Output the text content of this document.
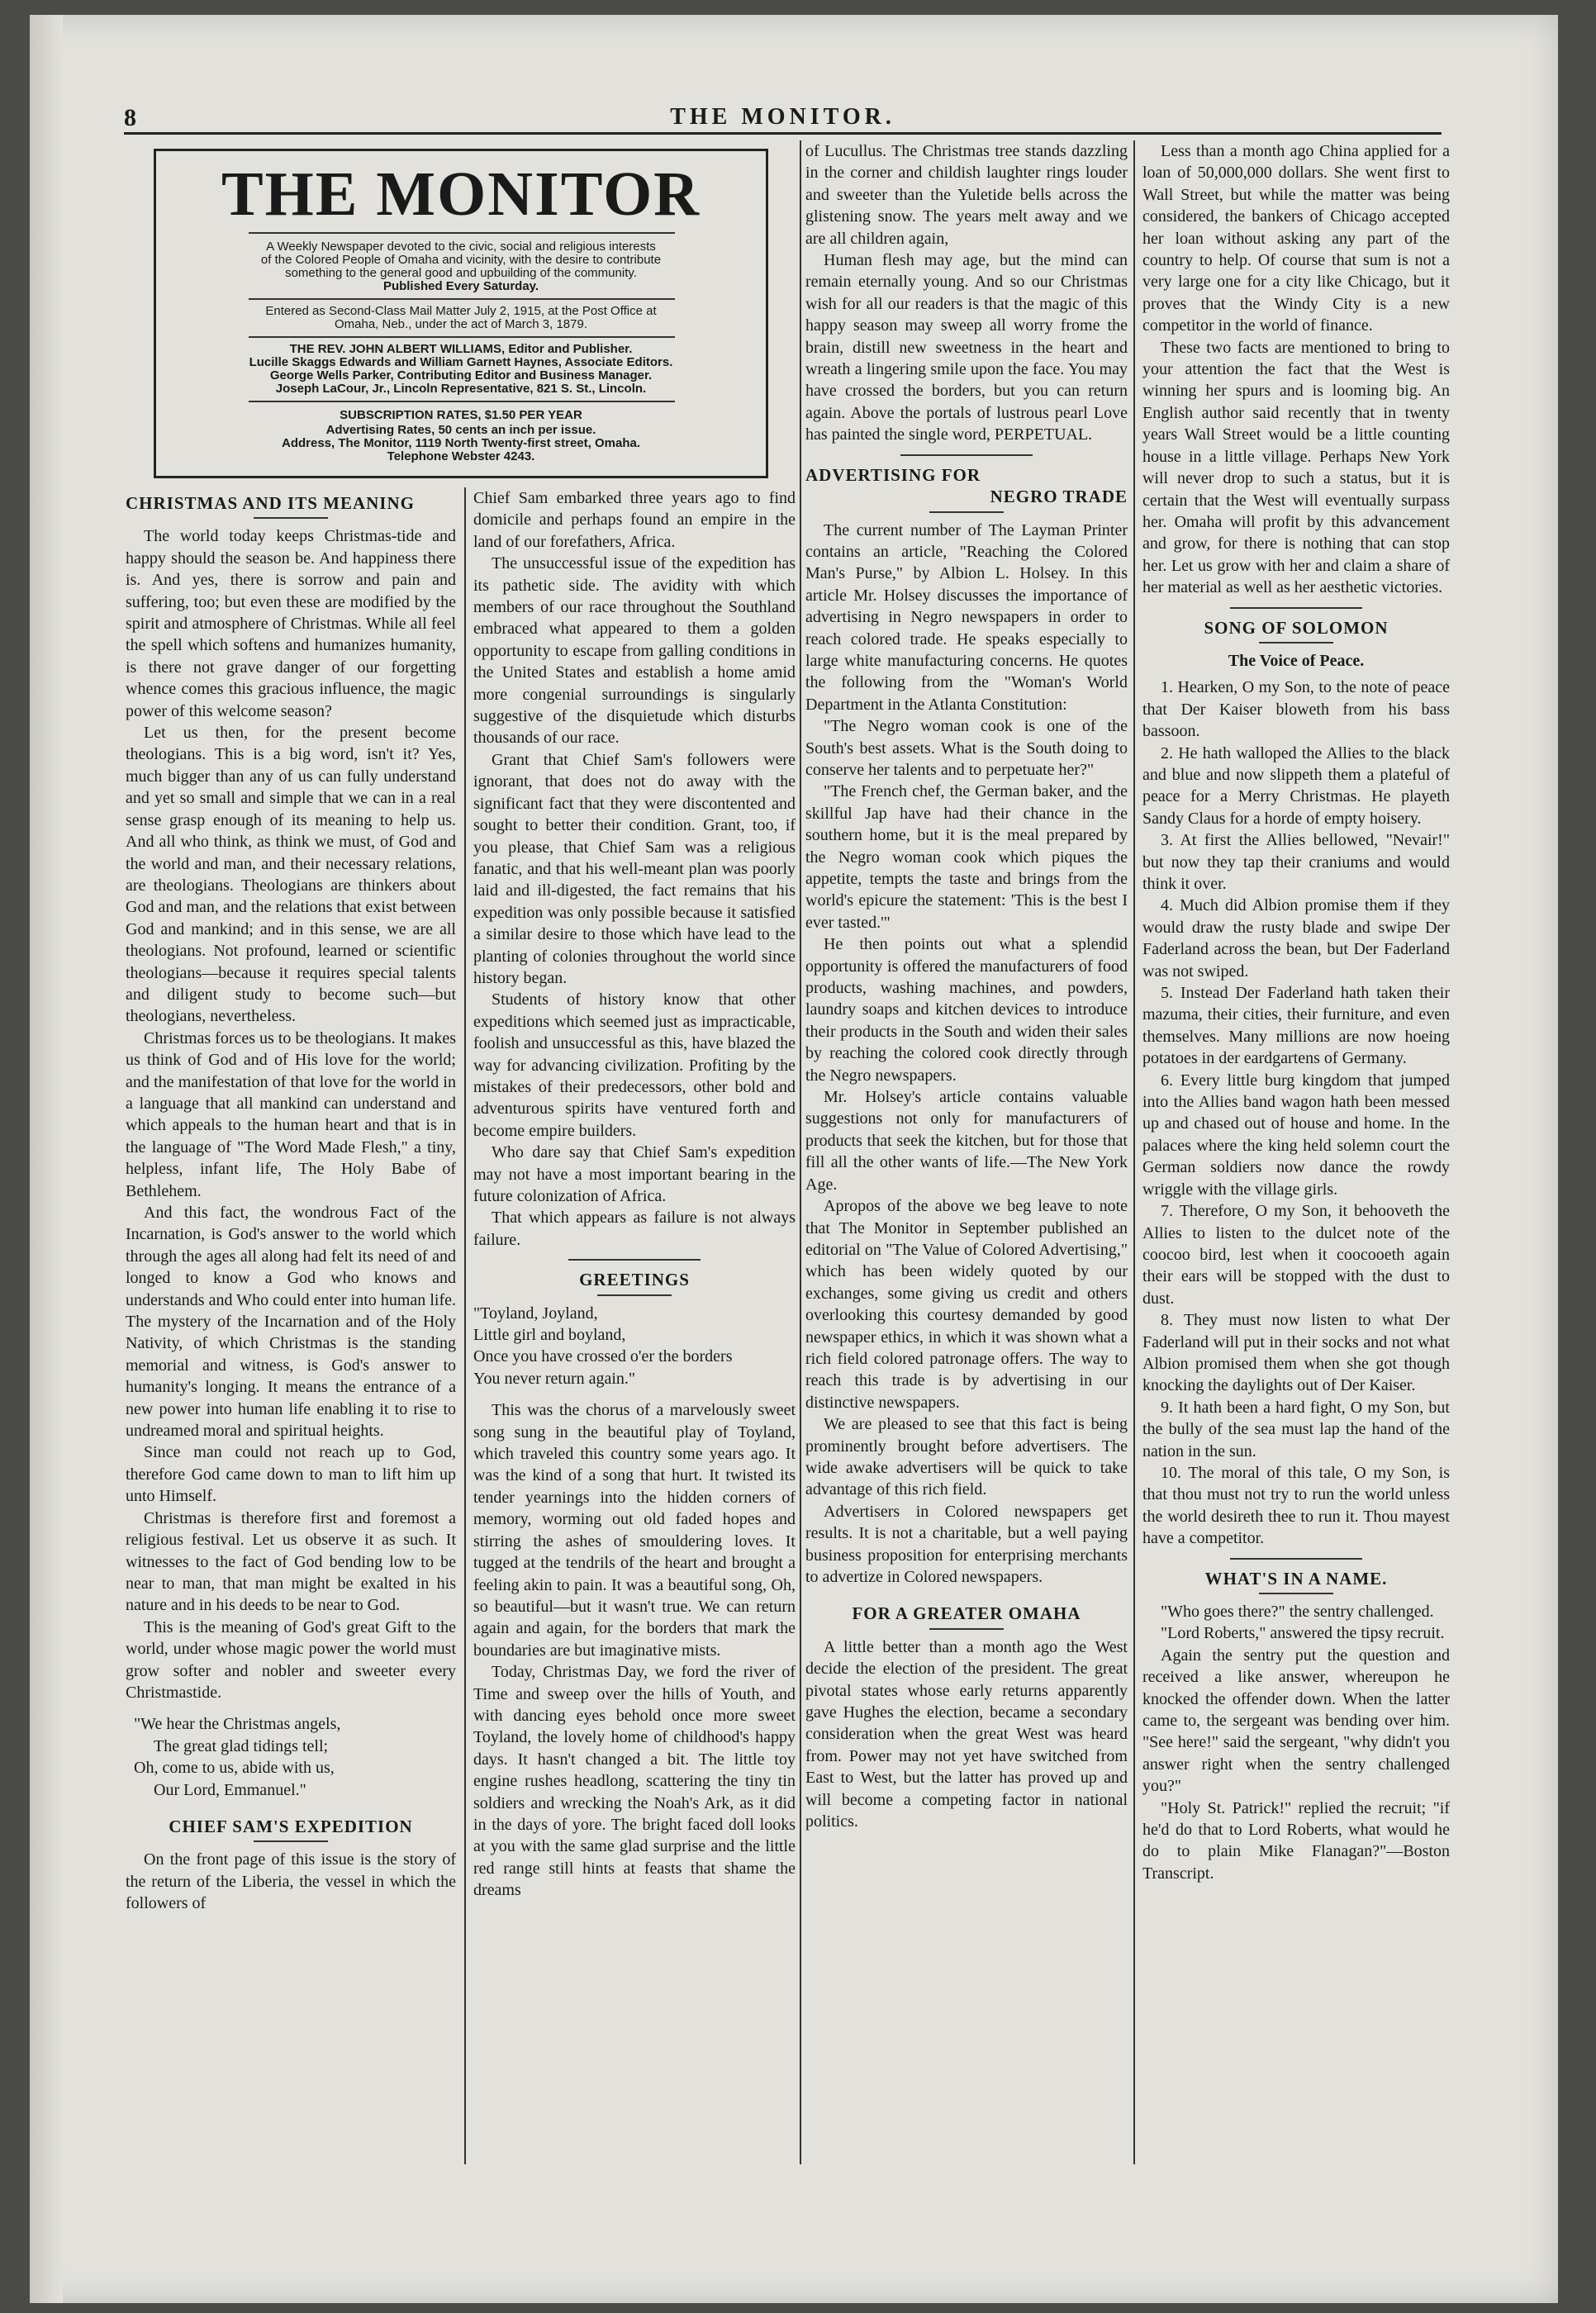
8	THE MONITOR.
THE MONITOR
A Weekly Newspaper devoted to the civic, social and religious interests
of the Colored People of Omaha and vicinity, with the desire to contribute
something to the general good and upbuilding of the community.
Published Every Saturday.
Entered as Second-Class Mail Matter July 2, 1915, at the Post Office at
Omaha, Neb., under the act of March 3, 1879.
THE REV. JOHN ALBERT WILLIAMS, Editor and Publisher.
Lucille Skaggs Edwards and William Garnett Haynes, Associate Editors.
George Wells Parker, Contributing Editor and Business Manager.
Joseph LaCour, Jr., Lincoln Representative, 821 S. St., Lincoln.
SUBSCRIPTION RATES, $1.50 PER YEAR
Advertising Rates, 50 cents an inch per issue.
Address, The Monitor, 1119 North Twenty-first street, Omaha.
Telephone Webster 4243.
CHRISTMAS AND ITS MEANING

The world today keeps Christmas-tide and happy should the season be. And happiness there is. And yes, there is sorrow and pain and suffering, too; but even these are modified by the spirit and atmosphere of Christmas. While all feel the spell which softens and humanizes humanity, is there not grave danger of our forgetting whence comes this gracious influence, the magic power of this welcome season?

Let us then, for the present become theologians. This is a big word, isn't it? Yes, much bigger than any of us can fully understand and yet so small and simple that we can in a real sense grasp enough of its meaning to help us. And all who think, as think we must, of God and the world and man, and their necessary relations, are theologians. Theologians are thinkers about God and man, and the relations that exist between God and mankind; and in this sense, we are all theologians. Not profound, learned or scientific theologians—because it requires special talents and diligent study to become such—but theologians, nevertheless.

Christmas forces us to be theologians. It makes us think of God and of His love for the world; and the manifestation of that love for the world in a language that all mankind can understand and which appeals to the human heart and that is in the language of "The Word Made Flesh," a tiny, helpless, infant life, The Holy Babe of Bethlehem.

And this fact, the wondrous Fact of the Incarnation, is God's answer to the world which through the ages all along had felt its need of and longed to know a God who knows and understands and Who could enter into human life. The mystery of the Incarnation and of the Holy Nativity, of which Christmas is the standing memorial and witness, is God's answer to humanity's longing. It means the entrance of a new power into human life enabling it to rise to undreamed moral and spiritual heights.

Since man could not reach up to God, therefore God came down to man to lift him up unto Himself.

Christmas is therefore first and foremost a religious festival. Let us observe it as such. It witnesses to the fact of God bending low to be near to man, that man might be exalted in his nature and in his deeds to be near to God.

This is the meaning of God's great Gift to the world, under whose magic power the world must grow softer and nobler and sweeter every Christmastide.

"We hear the Christmas angels,

The great glad tidings tell;

Oh, come to us, abide with us,

Our Lord, Emmanuel."

CHIEF SAM'S EXPEDITION

On the front page of this issue is the story of the return of the Liberia, the vessel in which the followers of

Chief Sam embarked three years ago to find domicile and perhaps found an empire in the land of our forefathers, Africa.

The unsuccessful issue of the expedition has its pathetic side. The avidity with which members of our race throughout the Southland embraced what appeared to them a golden opportunity to escape from galling conditions in the United States and establish a home amid more congenial surroundings is singularly suggestive of the disquietude which disturbs thousands of our race.

Grant that Chief Sam's followers were ignorant, that does not do away with the significant fact that they were discontented and sought to better their condition. Grant, too, if you please, that Chief Sam was a religious fanatic, and that his well-meant plan was poorly laid and ill-digested, the fact remains that his expedition was only possible because it satisfied a similar desire to those which have lead to the planting of colonies throughout the world since history began.

Students of history know that other expeditions which seemed just as impracticable, foolish and unsuccessful as this, have blazed the way for advancing civilization. Profiting by the mistakes of their predecessors, other bold and adventurous spirits have ventured forth and become empire builders.

Who dare say that Chief Sam's expedition may not have a most important bearing in the future colonization of Africa.

That which appears as failure is not always failure.

GREETINGS

"Toyland, Joyland,

Little girl and boyland,

Once you have crossed o'er the borders

You never return again."

This was the chorus of a marvelously sweet song sung in the beautiful play of Toyland, which traveled this country some years ago. It was the kind of a song that hurt. It twisted its tender yearnings into the hidden corners of memory, worming out old faded hopes and stirring the ashes of smouldering loves. It tugged at the tendrils of the heart and brought a feeling akin to pain. It was a beautiful song, Oh, so beautiful—but it wasn't true. We can return again and again, for the borders that mark the boundaries are but imaginative mists.

Today, Christmas Day, we ford the river of Time and sweep over the hills of Youth, and with dancing eyes behold once more sweet Toyland, the lovely home of childhood's happy days. It hasn't changed a bit. The little toy engine rushes headlong, scattering the tiny tin soldiers and wrecking the Noah's Ark, as it did in the days of yore. The bright faced doll looks at you with the same glad surprise and the little red range still hints at feasts that shame the dreams

of Lucullus. The Christmas tree stands dazzling in the corner and childish laughter rings louder and sweeter than the Yuletide bells across the glistening snow. The years melt away and we are all children again,

Human flesh may age, but the mind can remain eternally young. And so our Christmas wish for all our readers is that the magic of this happy season may sweep all worry frome the brain, distill new sweetness in the heart and wreath a lingering smile upon the face. You may have crossed the borders, but you can return again. Above the portals of lustrous pearl Love has painted the single word, PERPETUAL.

ADVERTISING FOR
NEGRO TRADE

The current number of The Layman Printer contains an article, "Reaching the Colored Man's Purse," by Albion L. Holsey. In this article Mr. Holsey discusses the importance of advertising in Negro newspapers in order to reach colored trade. He speaks especially to large white manufacturing concerns. He quotes the following from the "Woman's World Department in the Atlanta Constitution:

"The Negro woman cook is one of the South's best assets. What is the South doing to conserve her talents and to perpetuate her?"

"The French chef, the German baker, and the skillful Jap have had their chance in the southern home, but it is the meal prepared by the Negro woman cook which piques the appetite, tempts the taste and brings from the world's epicure the statement: 'This is the best I ever tasted.'"

He then points out what a splendid opportunity is offered the manufacturers of food products, washing machines, and powders, laundry soaps and kitchen devices to introduce their products in the South and widen their sales by reaching the colored cook directly through the Negro newspapers.

Mr. Holsey's article contains valuable suggestions not only for manufacturers of products that seek the kitchen, but for those that fill all the other wants of life.—The New York Age.

Apropos of the above we beg leave to note that The Monitor in September published an editorial on "The Value of Colored Advertising," which has been widely quoted by our exchanges, some giving us credit and others overlooking this courtesy demanded by good newspaper ethics, in which it was shown what a rich field colored patronage offers. The way to reach this trade is by advertising in our distinctive newspapers.

We are pleased to see that this fact is being prominently brought before advertisers. The wide awake advertisers will be quick to take advantage of this rich field.

Advertisers in Colored newspapers get results. It is not a charitable, but a well paying business proposition for enterprising merchants to advertize in Colored newspapers.

FOR A GREATER OMAHA

A little better than a month ago the West decide the election of the president. The great pivotal states whose early returns apparently gave Hughes the election, became a secondary consideration when the great West was heard from. Power may not yet have switched from East to West, but the latter has proved up and will become a competing factor in national politics.

Less than a month ago China applied for a loan of 50,000,000 dollars. She went first to Wall Street, but while the matter was being considered, the bankers of Chicago accepted her loan without asking any part of the country to help. Of course that sum is not a very large one for a city like Chicago, but it proves that the Windy City is a new competitor in the world of finance.

These two facts are mentioned to bring to your attention the fact that the West is winning her spurs and is looming big. An English author said recently that in twenty years Wall Street would be a little counting house in a little village. Perhaps New York will never drop to such a status, but it is certain that the West will eventually surpass her. Omaha will profit by this advancement and grow, for there is nothing that can stop her. Let us grow with her and claim a share of her material as well as her aesthetic victories.

SONG OF SOLOMON
The Voice of Peace.

1. Hearken, O my Son, to the note of peace that Der Kaiser bloweth from his bass bassoon.

2. He hath walloped the Allies to the black and blue and now slippeth them a plateful of peace for a Merry Christmas. He playeth Sandy Claus for a horde of empty hoisery.

3. At first the Allies bellowed, "Nevair!" but now they tap their craniums and would think it over.

4. Much did Albion promise them if they would draw the rusty blade and swipe Der Faderland across the bean, but Der Faderland was not swiped.

5. Instead Der Faderland hath taken their mazuma, their cities, their furniture, and even themselves. Many millions are now hoeing potatoes in der eardgartens of Germany.

6. Every little burg kingdom that jumped into the Allies band wagon hath been messed up and chased out of house and home. In the palaces where the king held solemn court the German soldiers now dance the rowdy wriggle with the village girls.

7. Therefore, O my Son, it behooveth the Allies to listen to the dulcet note of the coocoo bird, lest when it coocooeth again their ears will be stopped with the dust to dust.

8. They must now listen to what Der Faderland will put in their socks and not what Albion promised them when she got though knocking the daylights out of Der Kaiser.

9. It hath been a hard fight, O my Son, but the bully of the sea must lap the hand of the nation in the sun.

10. The moral of this tale, O my Son, is that thou must not try to run the world unless the world desireth thee to run it. Thou mayest have a competitor.

WHAT'S IN A NAME.

"Who goes there?" the sentry challenged.

"Lord Roberts," answered the tipsy recruit.

Again the sentry put the question and received a like answer, whereupon he knocked the offender down. When the latter came to, the sergeant was bending over him. "See here!" said the sergeant, "why didn't you answer right when the sentry challenged you?"

"Holy St. Patrick!" replied the recruit; "if he'd do that to Lord Roberts, what would he do to plain Mike Flanagan?"—Boston Transcript.
